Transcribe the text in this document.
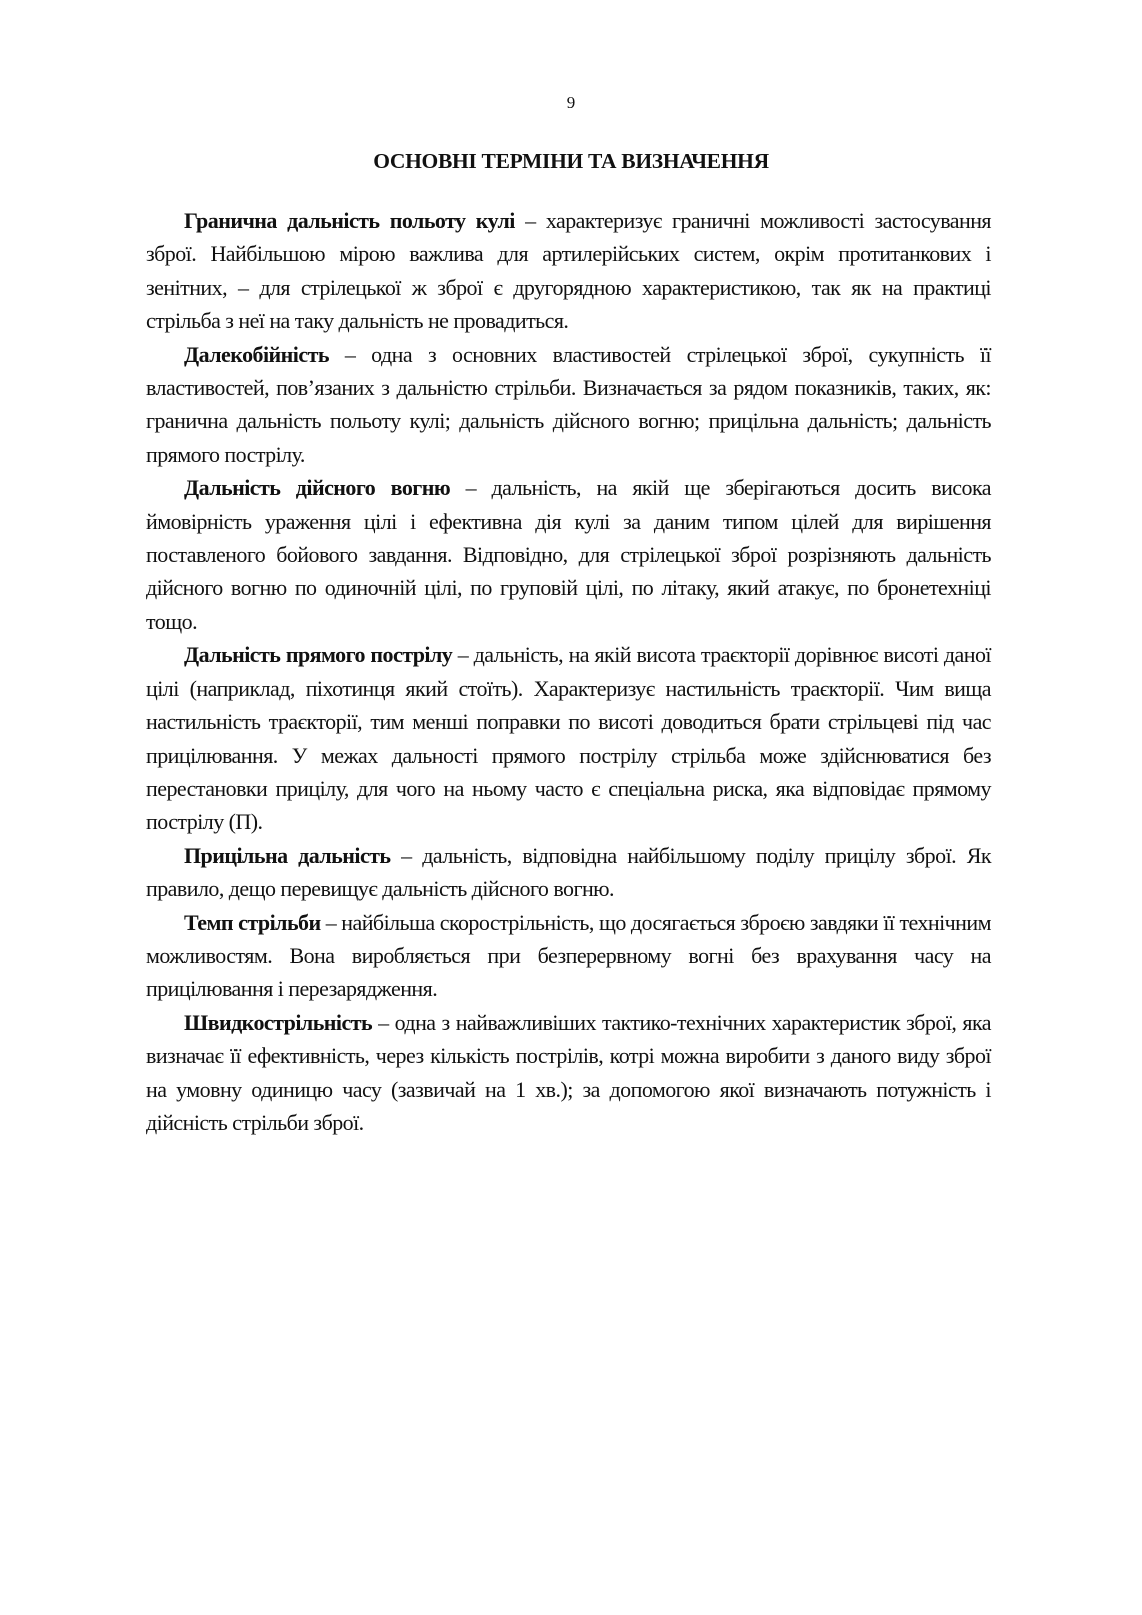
9
ОСНОВНІ ТЕРМІНИ ТА ВИЗНАЧЕННЯ

Гранична дальність польоту кулі – характеризує граничні можливості застосування зброї. Найбільшою мірою важлива для артилерійських систем, окрім протитанкових і зенітних, – для стрілецької ж зброї є другорядною характеристикою, так як на практиці стрільба з неї на таку дальність не провадиться.

Далекобійність – одна з основних властивостей стрілецької зброї, сукупність її властивостей, пов’язаних з дальністю стрільби. Визначається за рядом показників, таких, як: гранична дальність польоту кулі; дальність дійсного вогню; прицільна дальність; дальність прямого пострілу.

Дальність дійсного вогню – дальність, на якій ще зберігаються досить висока ймовірність ураження цілі і ефективна дія кулі за даним типом цілей для вирішення поставленого бойового завдання. Відповідно, для стрілецької зброї розрізняють дальність дійсного вогню по одиночній цілі, по груповій цілі, по літаку, який атакує, по бронетехніці тощо.

Дальність прямого пострілу – дальність, на якій висота траєкторії дорівнює висоті даної цілі (наприклад, піхотинця який стоїть). Характеризує настильність траєкторії. Чим вища настильність траєкторії, тим менші поправки по висоті доводиться брати стрільцеві під час прицілювання. У межах дальності прямого пострілу стрільба може здійснюватися без перестановки прицілу, для чого на ньому часто є спеціальна риска, яка відповідає прямому пострілу (П).

Прицільна дальність – дальність, відповідна найбільшому поділу прицілу зброї. Як правило, дещо перевищує дальність дійсного вогню.

Темп стрільби – найбільша скорострільність, що досягається зброєю завдяки її технічним можливостям. Вона виробляється при безперервному вогні без врахування часу на прицілювання і перезарядження.

Швидкострільність – одна з найважливіших тактико-технічних характеристик зброї, яка визначає її ефективність, через кількість пострілів, котрі можна виробити з даного виду зброї на умовну одиницю часу (зазвичай на 1 хв.); за допомогою якої визначають потужність і дійсність стрільби зброї.
